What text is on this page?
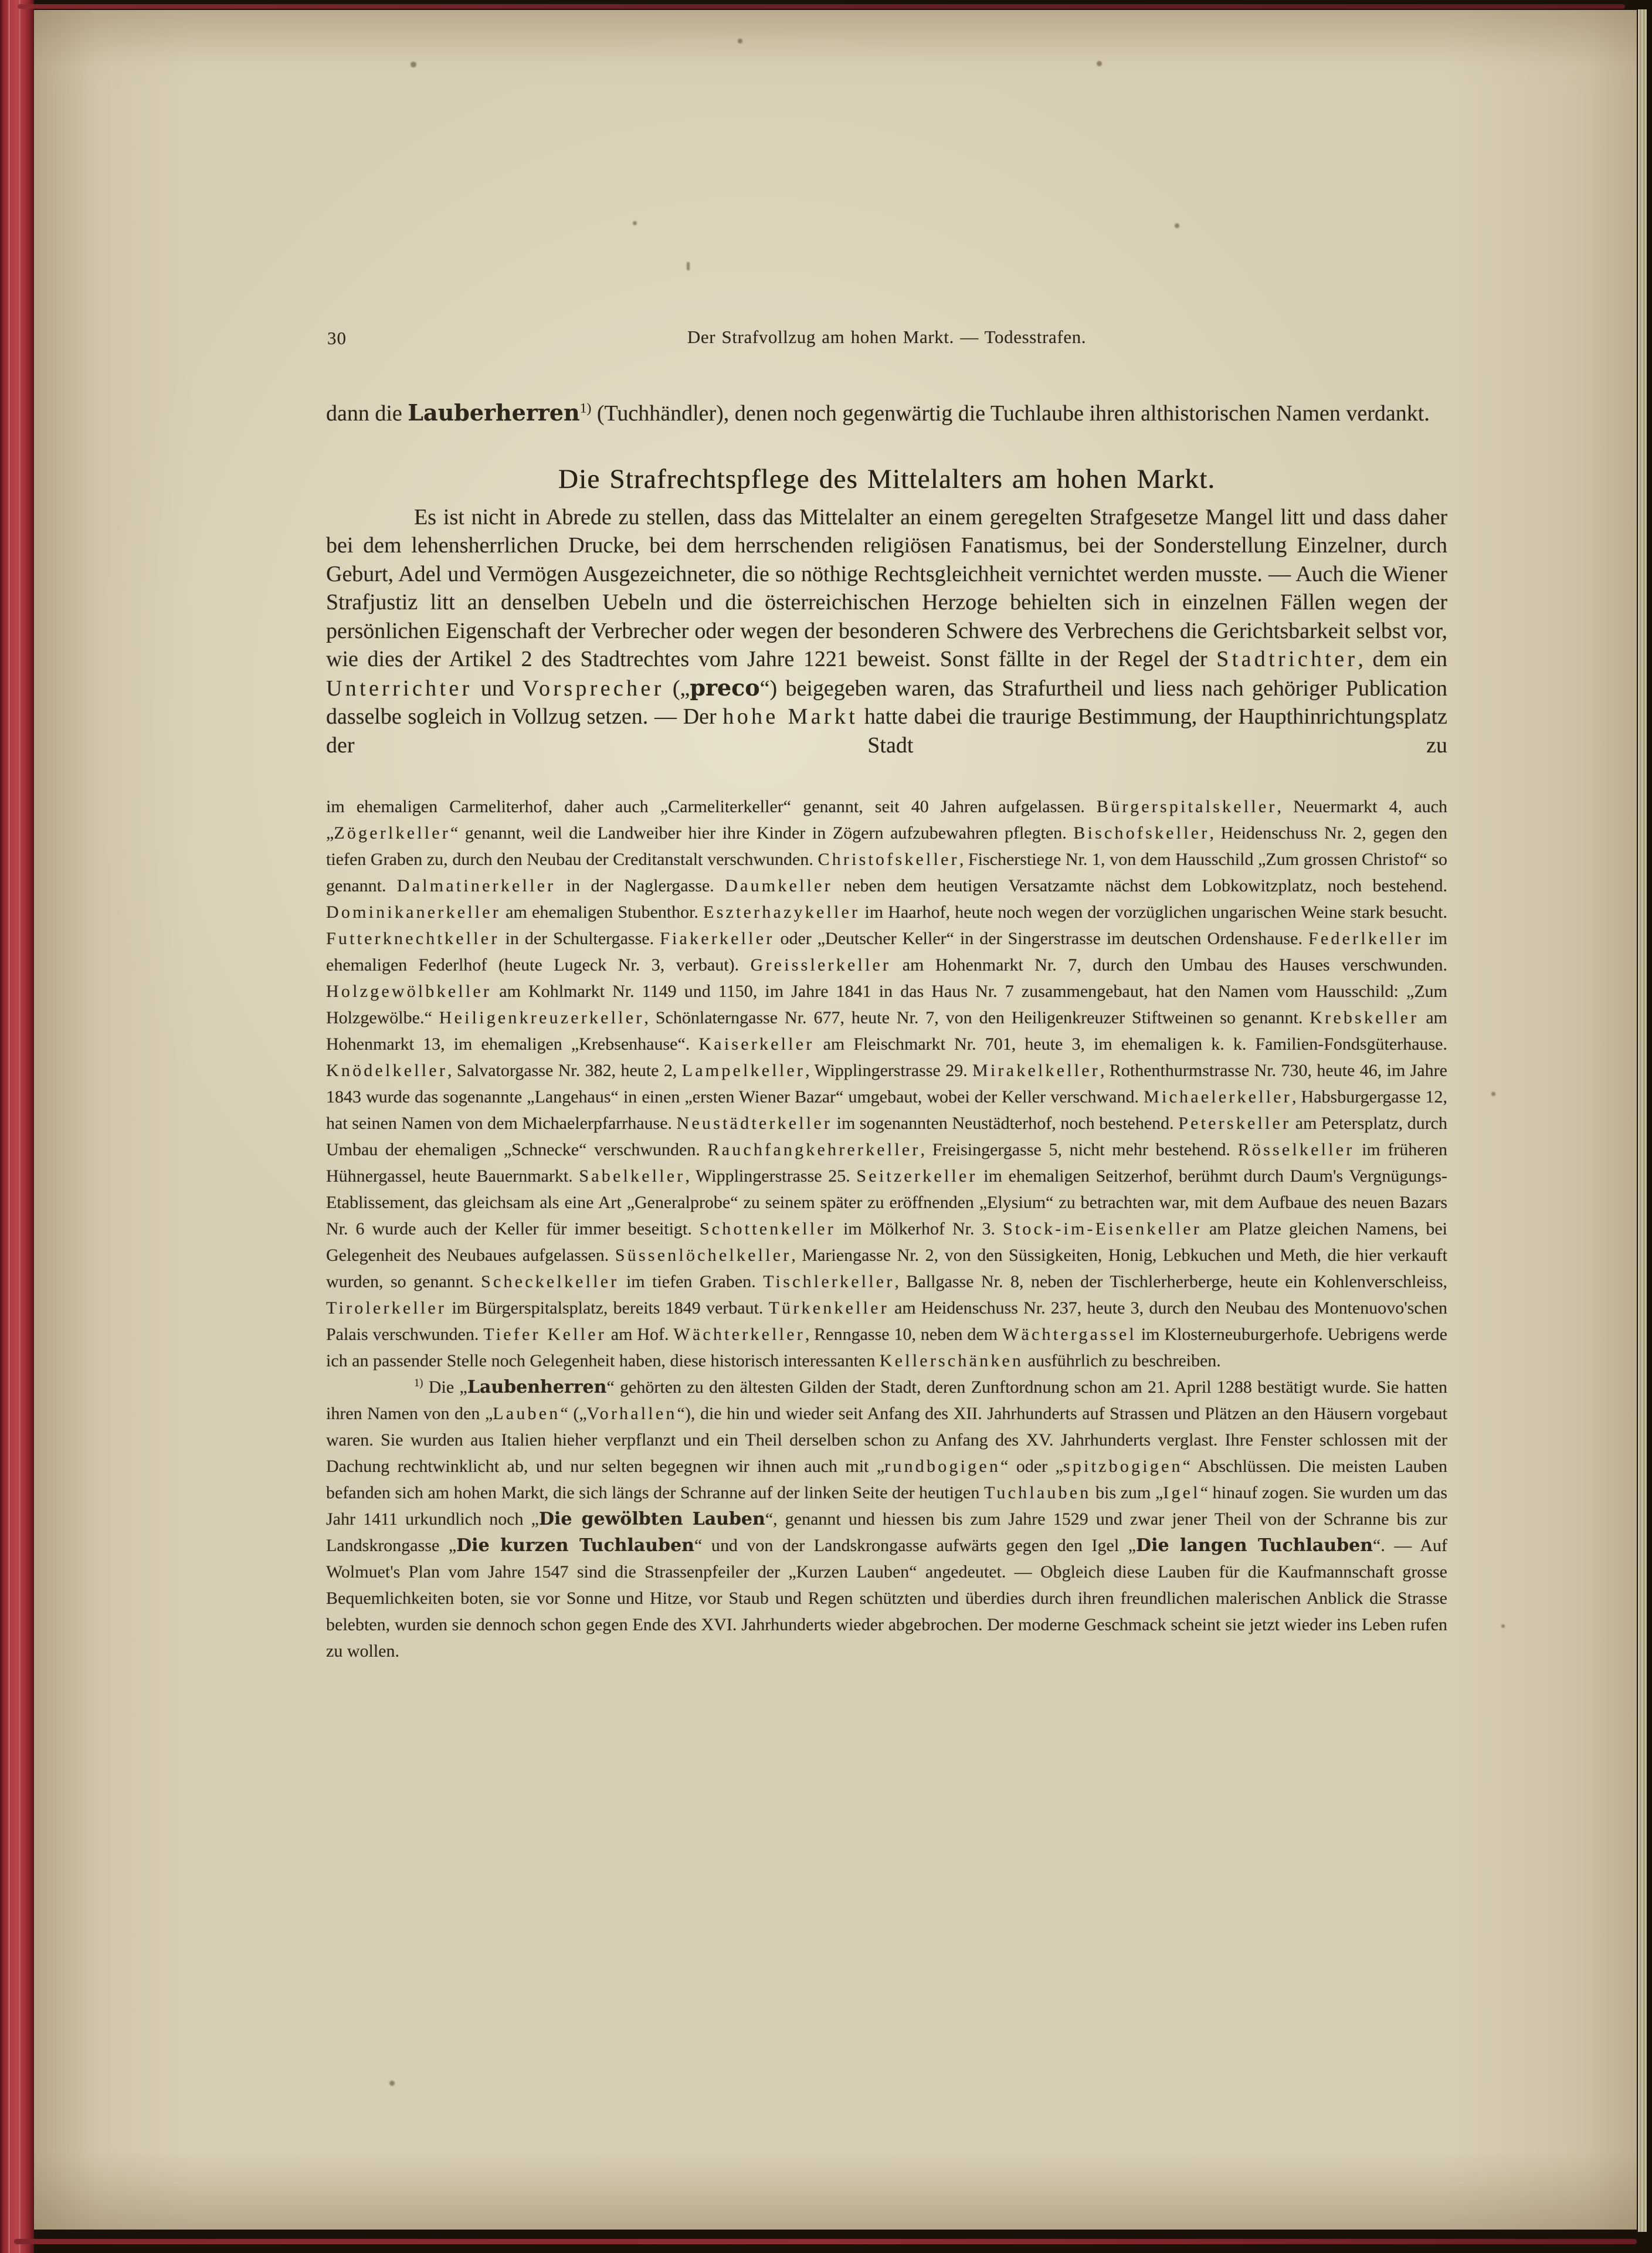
30	Der Strafvollzug am hohen Markt. — Todesstrafen.

dann die Lauberherren$^{1)}$ (Tuchhändler), denen noch gegenwärtig die Tuchlaube ihren althistorischen Namen verdankt.

Die Strafrechtspflege des Mittelalters am hohen Markt.

Es ist nicht in Abrede zu stellen, dass das Mittelalter an einem geregelten Strafgesetze Mangel litt und dass daher bei dem lehensherrlichen Drucke, bei dem herrschenden religiösen Fanatismus, bei der Sonderstellung Einzelner, durch Geburt, Adel und Vermögen Ausgezeichneter, die so nöthige Rechtsgleichheit vernichtet werden musste. — Auch die Wiener Strafjustiz litt an denselben Uebeln und die österreichischen Herzoge behielten sich in einzelnen Fällen wegen der persönlichen Eigenschaft der Verbrecher oder wegen der besonderen Schwere des Verbrechens die Gerichtsbarkeit selbst vor, wie dies der Artikel 2 des Stadtrechtes vom Jahre 1221 beweist. Sonst fällte in der Regel der Stadtrichter, dem ein Unterrichter und Vorsprecher („preco“) beigegeben waren, das Strafurtheil und liess nach gehöriger Publication dasselbe sogleich in Vollzug setzen. — Der hohe Markt hatte dabei die traurige Bestimmung, der Haupthinrichtungsplatz der Stadt zu

im ehemaligen Carmeliterhof, daher auch „Carmeliterkeller“ genannt, seit 40 Jahren aufgelassen. Bürgerspitalskeller, Neuermarkt 4, auch „Zögerlkeller“ genannt, weil die Landweiber hier ihre Kinder in Zögern aufzubewahren pflegten. Bischofskeller, Heidenschuss Nr. 2, gegen den tiefen Graben zu, durch den Neubau der Creditanstalt verschwunden. Christofskeller, Fischerstiege Nr. 1, von dem Hausschild „Zum grossen Christof“ so genannt. Dalmatinerkeller in der Naglergasse. Daumkeller neben dem heutigen Versatzamte nächst dem Lobkowitzplatz, noch bestehend. Dominikanerkeller am ehemaligen Stubenthor. Eszterhazykeller im Haarhof, heute noch wegen der vorzüglichen ungarischen Weine stark besucht. Futterknechtkeller in der Schultergasse. Fiakerkeller oder „Deutscher Keller“ in der Singerstrasse im deutschen Ordenshause. Federlkeller im ehemaligen Federlhof (heute Lugeck Nr. 3, verbaut). Greisslerkeller am Hohenmarkt Nr. 7, durch den Umbau des Hauses verschwunden. Holzgewölbkeller am Kohlmarkt Nr. 1149 und 1150, im Jahre 1841 in das Haus Nr. 7 zusammengebaut, hat den Namen vom Hausschild: „Zum Holzgewölbe.“ Heiligenkreuzerkeller, Schönlaterngasse Nr. 677, heute Nr. 7, von den Heiligenkreuzer Stiftweinen so genannt. Krebskeller am Hohenmarkt 13, im ehemaligen „Krebsenhause“. Kaiserkeller am Fleischmarkt Nr. 701, heute 3, im ehemaligen k. k. Familien-Fondsgüterhause. Knödelkeller, Salvatorgasse Nr. 382, heute 2, Lampelkeller, Wipplingerstrasse 29. Mirakelkeller, Rothenthurmstrasse Nr. 730, heute 46, im Jahre 1843 wurde das sogenannte „Langehaus“ in einen „ersten Wiener Bazar“ umgebaut, wobei der Keller verschwand. Michaelerkeller, Habsburgergasse 12, hat seinen Namen von dem Michaelerpfarrhause. Neustädterkeller im sogenannten Neustädterhof, noch bestehend. Peterskeller am Petersplatz, durch Umbau der ehemaligen „Schnecke“ verschwunden. Rauchfangkehrerkeller, Freisingergasse 5, nicht mehr bestehend. Rösselkeller im früheren Hühnergassel, heute Bauernmarkt. Sabelkeller, Wipplingerstrasse 25. Seitzerkeller im ehemaligen Seitzerhof, berühmt durch Daum's Vergnügungs-Etablissement, das gleichsam als eine Art „Generalprobe“ zu seinem später zu eröffnenden „Elysium“ zu betrachten war, mit dem Aufbaue des neuen Bazars Nr. 6 wurde auch der Keller für immer beseitigt. Schottenkeller im Mölkerhof Nr. 3. Stock-im-Eisenkeller am Platze gleichen Namens, bei Gelegenheit des Neubaues aufgelassen. Süssenlöchelkeller, Mariengasse Nr. 2, von den Süssigkeiten, Honig, Lebkuchen und Meth, die hier verkauft wurden, so genannt. Scheckelkeller im tiefen Graben. Tischlerkeller, Ballgasse Nr. 8, neben der Tischlerherberge, heute ein Kohlenverschleiss, Tirolerkeller im Bürgerspitalsplatz, bereits 1849 verbaut. Türkenkeller am Heidenschuss Nr. 237, heute 3, durch den Neubau des Montenuovo'schen Palais verschwunden. Tiefer Keller am Hof. Wächterkeller, Renngasse 10, neben dem Wächtergassel im Klosterneuburgerhofe. Uebrigens werde ich an passender Stelle noch Gelegenheit haben, diese historisch interessanten Kellerschänken ausführlich zu beschreiben.

$^{1)}$ Die „Laubenherren“ gehörten zu den ältesten Gilden der Stadt, deren Zunftordnung schon am 21. April 1288 bestätigt wurde. Sie hatten ihren Namen von den „Lauben“ („Vorhallen“), die hin und wieder seit Anfang des XII. Jahrhunderts auf Strassen und Plätzen an den Häusern vorgebaut waren. Sie wurden aus Italien hieher verpflanzt und ein Theil derselben schon zu Anfang des XV. Jahrhunderts verglast. Ihre Fenster schlossen mit der Dachung rechtwinklicht ab, und nur selten begegnen wir ihnen auch mit „rundbogigen“ oder „spitzbogigen“ Abschlüssen. Die meisten Lauben befanden sich am hohen Markt, die sich längs der Schranne auf der linken Seite der heutigen Tuchlauben bis zum „Igel“ hinauf zogen. Sie wurden um das Jahr 1411 urkundlich noch „Die gewölbten Lauben“, genannt und hiessen bis zum Jahre 1529 und zwar jener Theil von der Schranne bis zur Landskrongasse „Die kurzen Tuchlauben“ und von der Landskrongasse aufwärts gegen den Igel „Die langen Tuchlauben“. — Auf Wolmuet's Plan vom Jahre 1547 sind die Strassenpfeiler der „Kurzen Lauben“ angedeutet. — Obgleich diese Lauben für die Kaufmannschaft grosse Bequemlichkeiten boten, sie vor Sonne und Hitze, vor Staub und Regen schützten und überdies durch ihren freundlichen malerischen Anblick die Strasse belebten, wurden sie dennoch schon gegen Ende des XVI. Jahrhunderts wieder abgebrochen. Der moderne Geschmack scheint sie jetzt wieder ins Leben rufen zu wollen.
